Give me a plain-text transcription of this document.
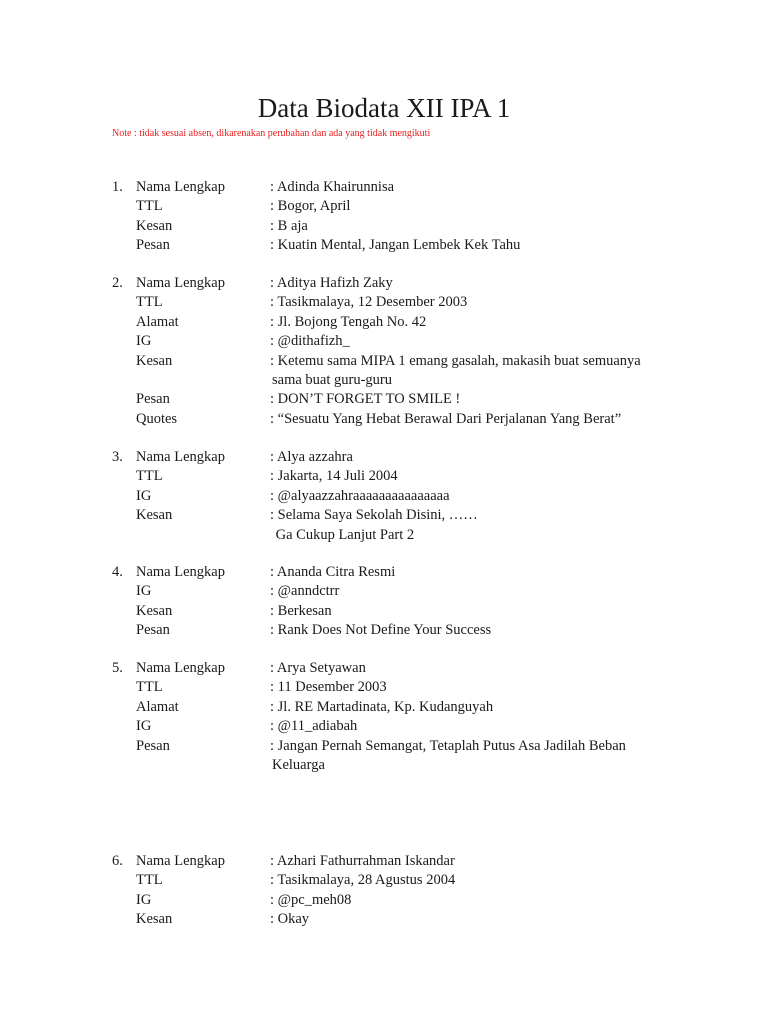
Data Biodata XII IPA 1
Note : tidak sesuai absen, dikarenakan perubahan dan ada yang tidak mengikuti
1. Nama Lengkap	: Adinda Khairunnisa
TTL	: Bogor, April
Kesan	: B aja
Pesan	: Kuatin Mental, Jangan Lembek Kek Tahu
2. Nama Lengkap	: Aditya Hafizh Zaky
TTL	: Tasikmalaya, 12 Desember 2003
Alamat	: Jl. Bojong Tengah No. 42
IG	: @dithafizh_
Kesan	: Ketemu sama MIPA 1 emang gasalah, makasih buat semuanya
sama buat guru-guru
Pesan	: DON’T FORGET TO SMILE !
Quotes	: “Sesuatu Yang Hebat Berawal Dari Perjalanan Yang Berat”
3. Nama Lengkap	: Alya azzahra
TTL	: Jakarta, 14 Juli 2004
IG	: @alyaazzahraaaaaaaaaaaaaaa
Kesan	: Selama Saya Sekolah Disini, ……
Ga Cukup Lanjut Part 2
4. Nama Lengkap	: Ananda Citra Resmi
IG	: @anndctrr
Kesan	: Berkesan
Pesan	: Rank Does Not Define Your Success
5. Nama Lengkap	: Arya Setyawan
TTL	: 11 Desember 2003
Alamat	: Jl. RE Martadinata, Kp. Kudanguyah
IG	: @11_adiabah
Pesan	: Jangan Pernah Semangat, Tetaplah Putus Asa Jadilah Beban
Keluarga
6. Nama Lengkap	: Azhari Fathurrahman Iskandar
TTL	: Tasikmalaya, 28 Agustus 2004
IG	: @pc_meh08
Kesan	: Okay
